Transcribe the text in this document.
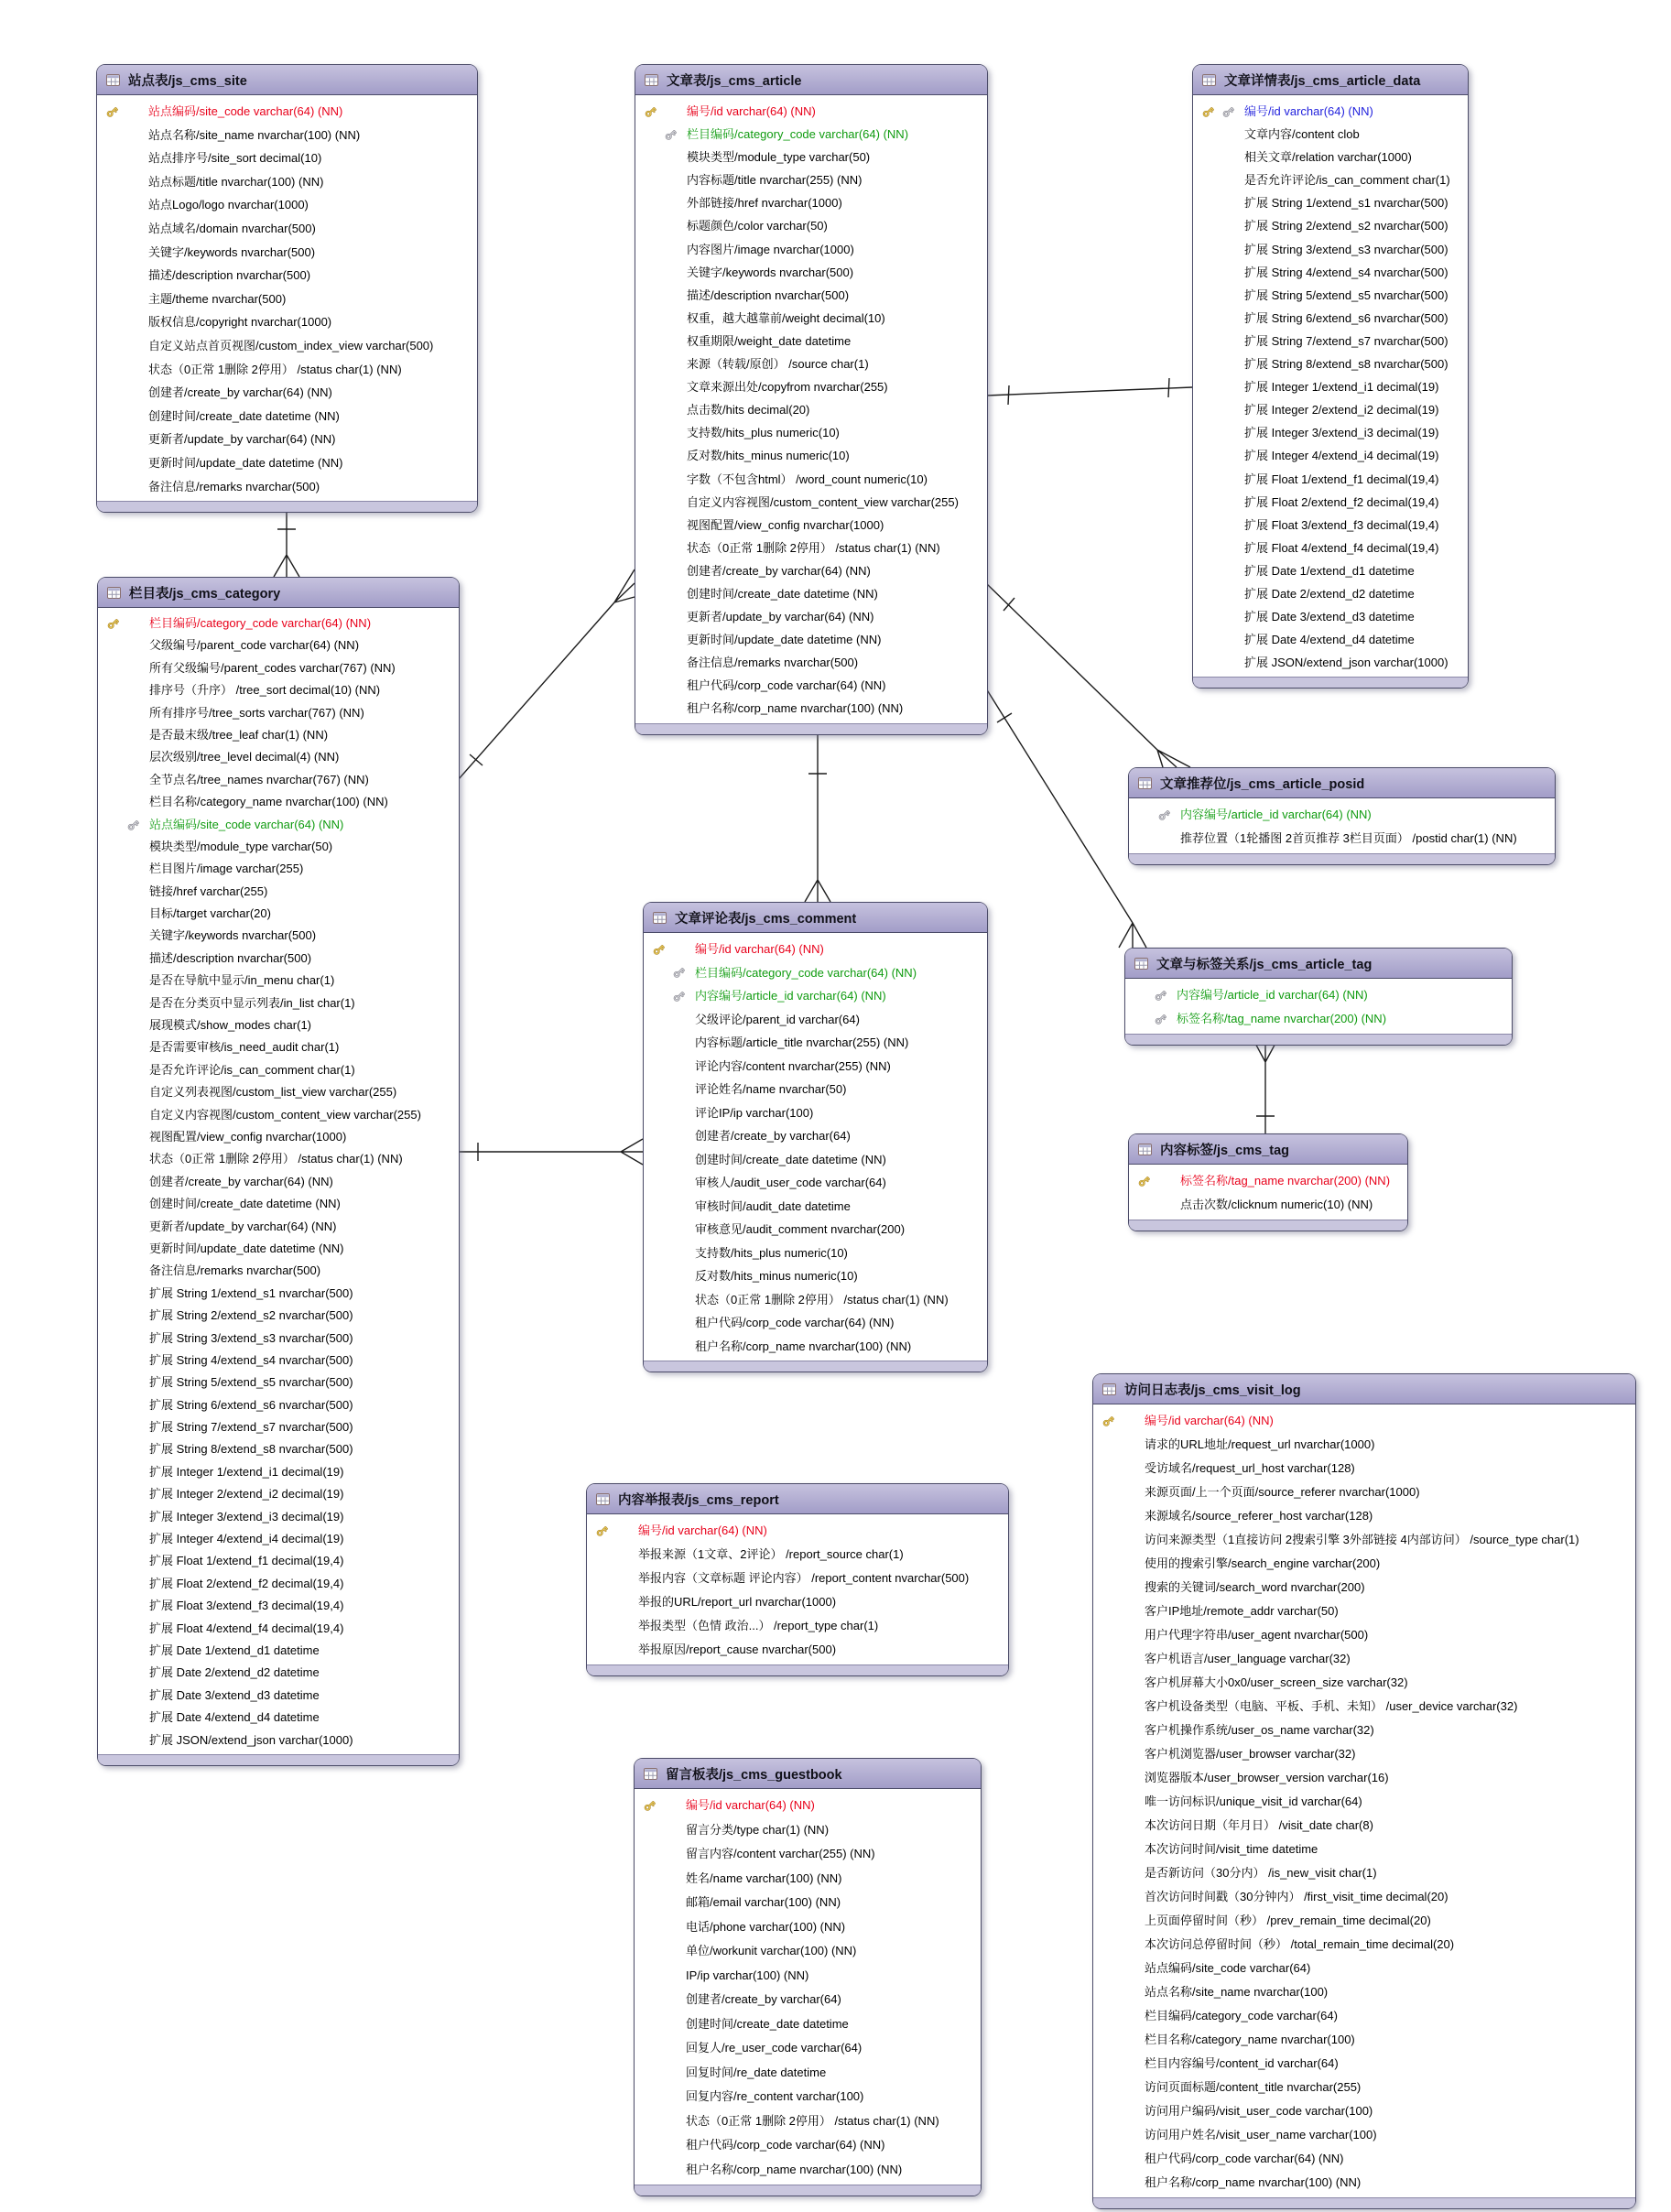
站点表/js_cms_site
站点编码/site_code varchar(64) (NN)
站点名称/site_name nvarchar(100) (NN)
站点排序号/site_sort decimal(10)
站点标题/title nvarchar(100) (NN)
站点Logo/logo nvarchar(1000)
站点域名/domain nvarchar(500)
关键字/keywords nvarchar(500)
描述/description nvarchar(500)
主题/theme nvarchar(500)
版权信息/copyright nvarchar(1000)
自定义站点首页视图/custom_index_view varchar(500)
状态（0正常 1删除 2停用） /status char(1) (NN)
创建者/create_by varchar(64) (NN)
创建时间/create_date datetime (NN)
更新者/update_by varchar(64) (NN)
更新时间/update_date datetime (NN)
备注信息/remarks nvarchar(500)
栏目表/js_cms_category
栏目编码/category_code varchar(64) (NN)
父级编号/parent_code varchar(64) (NN)
所有父级编号/parent_codes varchar(767) (NN)
排序号（升序） /tree_sort decimal(10) (NN)
所有排序号/tree_sorts varchar(767) (NN)
是否最末级/tree_leaf char(1) (NN)
层次级别/tree_level decimal(4) (NN)
全节点名/tree_names nvarchar(767) (NN)
栏目名称/category_name nvarchar(100) (NN)
站点编码/site_code varchar(64) (NN)
模块类型/module_type varchar(50)
栏目图片/image varchar(255)
链接/href varchar(255)
目标/target varchar(20)
关键字/keywords nvarchar(500)
描述/description nvarchar(500)
是否在导航中显示/in_menu char(1)
是否在分类页中显示列表/in_list char(1)
展现模式/show_modes char(1)
是否需要审核/is_need_audit char(1)
是否允许评论/is_can_comment char(1)
自定义列表视图/custom_list_view varchar(255)
自定义内容视图/custom_content_view varchar(255)
视图配置/view_config nvarchar(1000)
状态（0正常 1删除 2停用） /status char(1) (NN)
创建者/create_by varchar(64) (NN)
创建时间/create_date datetime (NN)
更新者/update_by varchar(64) (NN)
更新时间/update_date datetime (NN)
备注信息/remarks nvarchar(500)
扩展 String 1/extend_s1 nvarchar(500)
扩展 String 2/extend_s2 nvarchar(500)
扩展 String 3/extend_s3 nvarchar(500)
扩展 String 4/extend_s4 nvarchar(500)
扩展 String 5/extend_s5 nvarchar(500)
扩展 String 6/extend_s6 nvarchar(500)
扩展 String 7/extend_s7 nvarchar(500)
扩展 String 8/extend_s8 nvarchar(500)
扩展 Integer 1/extend_i1 decimal(19)
扩展 Integer 2/extend_i2 decimal(19)
扩展 Integer 3/extend_i3 decimal(19)
扩展 Integer 4/extend_i4 decimal(19)
扩展 Float 1/extend_f1 decimal(19,4)
扩展 Float 2/extend_f2 decimal(19,4)
扩展 Float 3/extend_f3 decimal(19,4)
扩展 Float 4/extend_f4 decimal(19,4)
扩展 Date 1/extend_d1 datetime
扩展 Date 2/extend_d2 datetime
扩展 Date 3/extend_d3 datetime
扩展 Date 4/extend_d4 datetime
扩展 JSON/extend_json varchar(1000)
文章表/js_cms_article
编号/id varchar(64) (NN)
栏目编码/category_code varchar(64) (NN)
模块类型/module_type varchar(50)
内容标题/title nvarchar(255) (NN)
外部链接/href nvarchar(1000)
标题颜色/color varchar(50)
内容图片/image nvarchar(1000)
关键字/keywords nvarchar(500)
描述/description nvarchar(500)
权重，越大越靠前/weight decimal(10)
权重期限/weight_date datetime
来源（转载/原创） /source char(1)
文章来源出处/copyfrom nvarchar(255)
点击数/hits decimal(20)
支持数/hits_plus numeric(10)
反对数/hits_minus numeric(10)
字数（不包含html） /word_count numeric(10)
自定义内容视图/custom_content_view varchar(255)
视图配置/view_config nvarchar(1000)
状态（0正常 1删除 2停用） /status char(1) (NN)
创建者/create_by varchar(64) (NN)
创建时间/create_date datetime (NN)
更新者/update_by varchar(64) (NN)
更新时间/update_date datetime (NN)
备注信息/remarks nvarchar(500)
租户代码/corp_code varchar(64) (NN)
租户名称/corp_name nvarchar(100) (NN)
文章详情表/js_cms_article_data
编号/id varchar(64) (NN)
文章内容/content clob
相关文章/relation varchar(1000)
是否允许评论/is_can_comment char(1)
扩展 String 1/extend_s1 nvarchar(500)
扩展 String 2/extend_s2 nvarchar(500)
扩展 String 3/extend_s3 nvarchar(500)
扩展 String 4/extend_s4 nvarchar(500)
扩展 String 5/extend_s5 nvarchar(500)
扩展 String 6/extend_s6 nvarchar(500)
扩展 String 7/extend_s7 nvarchar(500)
扩展 String 8/extend_s8 nvarchar(500)
扩展 Integer 1/extend_i1 decimal(19)
扩展 Integer 2/extend_i2 decimal(19)
扩展 Integer 3/extend_i3 decimal(19)
扩展 Integer 4/extend_i4 decimal(19)
扩展 Float 1/extend_f1 decimal(19,4)
扩展 Float 2/extend_f2 decimal(19,4)
扩展 Float 3/extend_f3 decimal(19,4)
扩展 Float 4/extend_f4 decimal(19,4)
扩展 Date 1/extend_d1 datetime
扩展 Date 2/extend_d2 datetime
扩展 Date 3/extend_d3 datetime
扩展 Date 4/extend_d4 datetime
扩展 JSON/extend_json varchar(1000)
文章推荐位/js_cms_article_posid
内容编号/article_id varchar(64) (NN)
推荐位置（1轮播图 2首页推荐 3栏目页面） /postid char(1) (NN)
文章与标签关系/js_cms_article_tag
内容编号/article_id varchar(64) (NN)
标签名称/tag_name nvarchar(200) (NN)
内容标签/js_cms_tag
标签名称/tag_name nvarchar(200) (NN)
点击次数/clicknum numeric(10) (NN)
文章评论表/js_cms_comment
编号/id varchar(64) (NN)
栏目编码/category_code varchar(64) (NN)
内容编号/article_id varchar(64) (NN)
父级评论/parent_id varchar(64)
内容标题/article_title nvarchar(255) (NN)
评论内容/content nvarchar(255) (NN)
评论姓名/name nvarchar(50)
评论IP/ip varchar(100)
创建者/create_by varchar(64)
创建时间/create_date datetime (NN)
审核人/audit_user_code varchar(64)
审核时间/audit_date datetime
审核意见/audit_comment nvarchar(200)
支持数/hits_plus numeric(10)
反对数/hits_minus numeric(10)
状态（0正常 1删除 2停用） /status char(1) (NN)
租户代码/corp_code varchar(64) (NN)
租户名称/corp_name nvarchar(100) (NN)
内容举报表/js_cms_report
编号/id varchar(64) (NN)
举报来源（1文章、2评论） /report_source char(1)
举报内容（文章标题 评论内容） /report_content nvarchar(500)
举报的URL/report_url nvarchar(1000)
举报类型（色情 政治...） /report_type char(1)
举报原因/report_cause nvarchar(500)
留言板表/js_cms_guestbook
编号/id varchar(64) (NN)
留言分类/type char(1) (NN)
留言内容/content varchar(255) (NN)
姓名/name varchar(100) (NN)
邮箱/email varchar(100) (NN)
电话/phone varchar(100) (NN)
单位/workunit varchar(100) (NN)
IP/ip varchar(100) (NN)
创建者/create_by varchar(64)
创建时间/create_date datetime
回复人/re_user_code varchar(64)
回复时间/re_date datetime
回复内容/re_content varchar(100)
状态（0正常 1删除 2停用） /status char(1) (NN)
租户代码/corp_code varchar(64) (NN)
租户名称/corp_name nvarchar(100) (NN)
访问日志表/js_cms_visit_log
编号/id varchar(64) (NN)
请求的URL地址/request_url nvarchar(1000)
受访域名/request_url_host varchar(128)
来源页面/上一个页面/source_referer nvarchar(1000)
来源域名/source_referer_host varchar(128)
访问来源类型（1直接访问 2搜索引擎 3外部链接 4内部访问） /source_type char(1)
使用的搜索引擎/search_engine varchar(200)
搜索的关键词/search_word nvarchar(200)
客户IP地址/remote_addr varchar(50)
用户代理字符串/user_agent nvarchar(500)
客户机语言/user_language varchar(32)
客户机屏幕大小0x0/user_screen_size varchar(32)
客户机设备类型（电脑、平板、手机、未知） /user_device varchar(32)
客户机操作系统/user_os_name varchar(32)
客户机浏览器/user_browser varchar(32)
浏览器版本/user_browser_version varchar(16)
唯一访问标识/unique_visit_id varchar(64)
本次访问日期（年月日） /visit_date char(8)
本次访问时间/visit_time datetime
是否新访问（30分内） /is_new_visit char(1)
首次访问时间戳（30分钟内） /first_visit_time decimal(20)
上页面停留时间（秒） /prev_remain_time decimal(20)
本次访问总停留时间（秒） /total_remain_time decimal(20)
站点编码/site_code varchar(64)
站点名称/site_name nvarchar(100)
栏目编码/category_code varchar(64)
栏目名称/category_name nvarchar(100)
栏目内容编号/content_id varchar(64)
访问页面标题/content_title nvarchar(255)
访问用户编码/visit_user_code varchar(100)
访问用户姓名/visit_user_name varchar(100)
租户代码/corp_code varchar(64) (NN)
租户名称/corp_name nvarchar(100) (NN)
